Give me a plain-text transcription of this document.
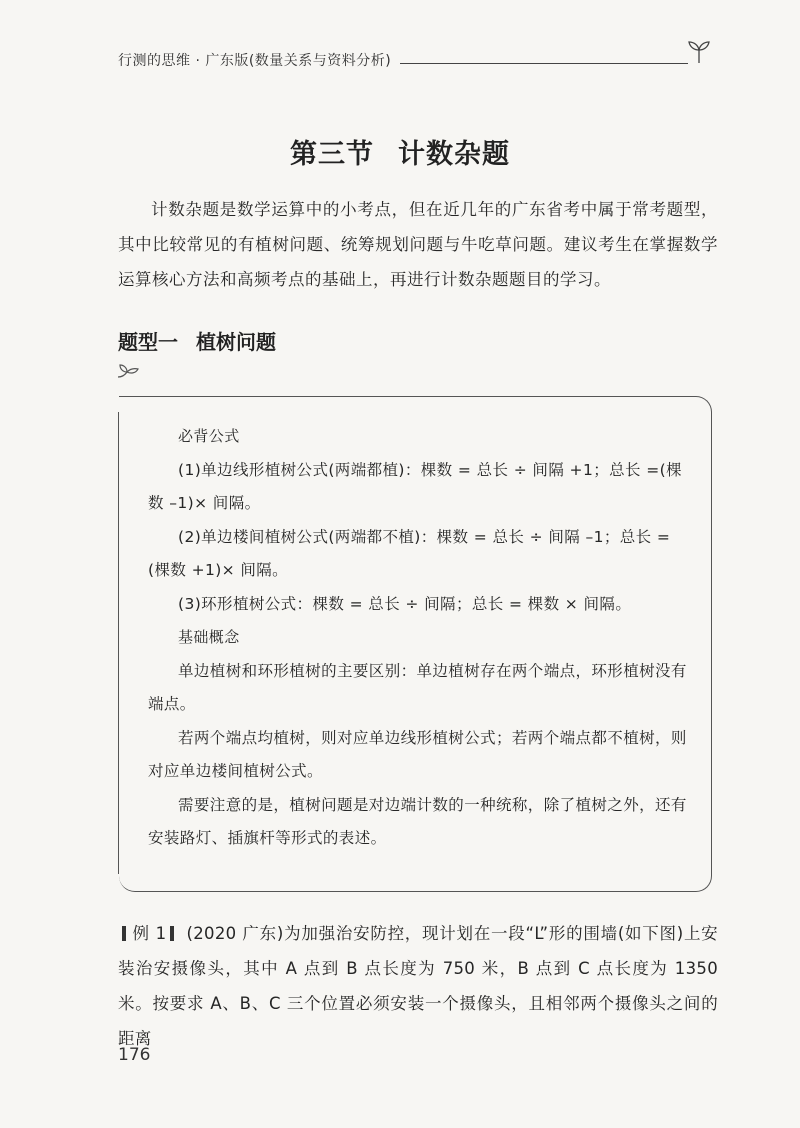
行测的思维 · 广东版(数量关系与资料分析)
第三节 计数杂题
计数杂题是数学运算中的小考点，但在近几年的广东省考中属于常考题型，其中比较常见的有植树问题、统筹规划问题与牛吃草问题。建议考生在掌握数学运算核心方法和高频考点的基础上，再进行计数杂题题目的学习。
题型一 植树问题

必背公式

(1)单边线形植树公式(两端都植)：棵数 = 总长 ÷ 间隔 +1；总长 =(棵数 –1)× 间隔。

(2)单边楼间植树公式(两端都不植)：棵数 = 总长 ÷ 间隔 –1；总长 =(棵数 +1)× 间隔。

(3)环形植树公式：棵数 = 总长 ÷ 间隔；总长 = 棵数 × 间隔。

基础概念

单边植树和环形植树的主要区别：单边植树存在两个端点，环形植树没有端点。

若两个端点均植树，则对应单边线形植树公式；若两个端点都不植树，则对应单边楼间植树公式。

需要注意的是，植树问题是对边端计数的一种统称，除了植树之外，还有安装路灯、插旗杆等形式的表述。

例 1 (2020 广东)为加强治安防控，现计划在一段“L”形的围墙(如下图)上安装治安摄像头，其中 A 点到 B 点长度为 750 米，B 点到 C 点长度为 1350 米。按要求 A、B、C 三个位置必须安装一个摄像头，且相邻两个摄像头之间的距离

176
